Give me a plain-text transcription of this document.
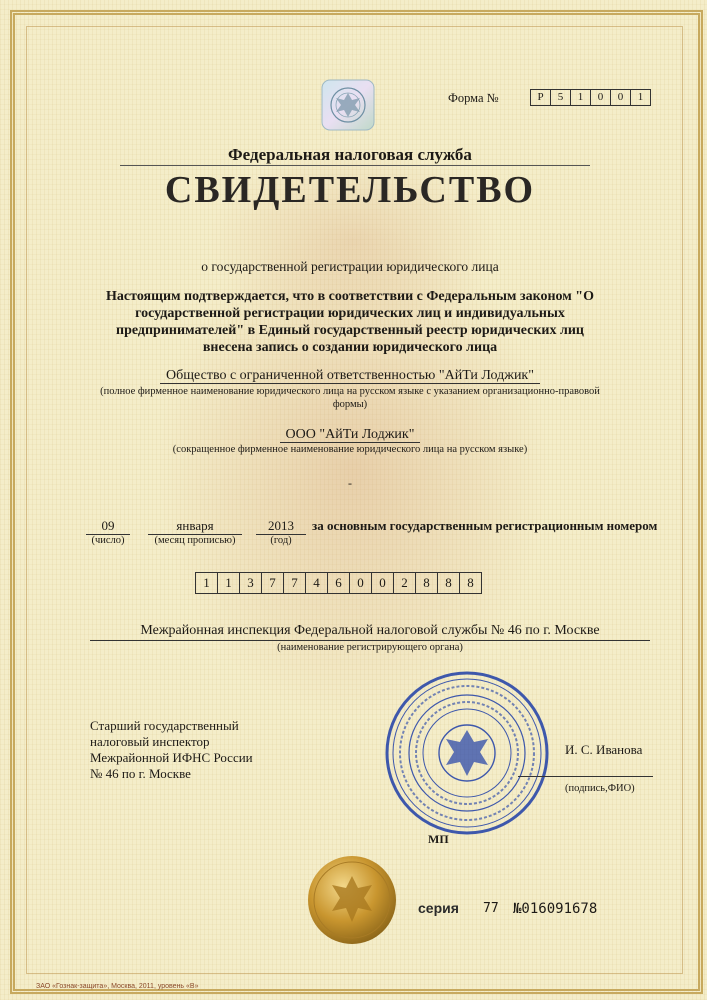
Форма №	Р	5	1	0	0	1
Федеральная налоговая служба
СВИДЕТЕЛЬСТВО
о государственной регистрации юридического лица
Настоящим подтверждается, что в соответствии с Федеральным законом "О государственной регистрации юридических лиц и индивидуальных предпринимателей" в Единый государственный реестр юридических лиц внесена запись о создании юридического лица
Общество с ограниченной ответственностью "АйТи Лоджик"
(полное фирменное наименование юридического лица на русском языке с указанием организационно-правовой формы)
ООО "АйТи Лоджик"
(сокращенное фирменное наименование юридического лица на русском языке)
-
09	января	2013	за основным государственным регистрационным номером
(число)	(месяц прописью)	(год)
1	1	3	7	7	4	6	0	0	2	8	8	8
Межрайонная инспекция Федеральной налоговой службы № 46 по г. Москве
(наименование регистрирующего органа)
Старший государственный
налоговый инспектор
Межрайонной ИФНС России
№ 46 по г. Москве
И. С. Иванова
(подпись,ФИО)
МП
серия 77 №016091678
ЗАО «Гознак-защита», Москва, 2011, уровень «В»
